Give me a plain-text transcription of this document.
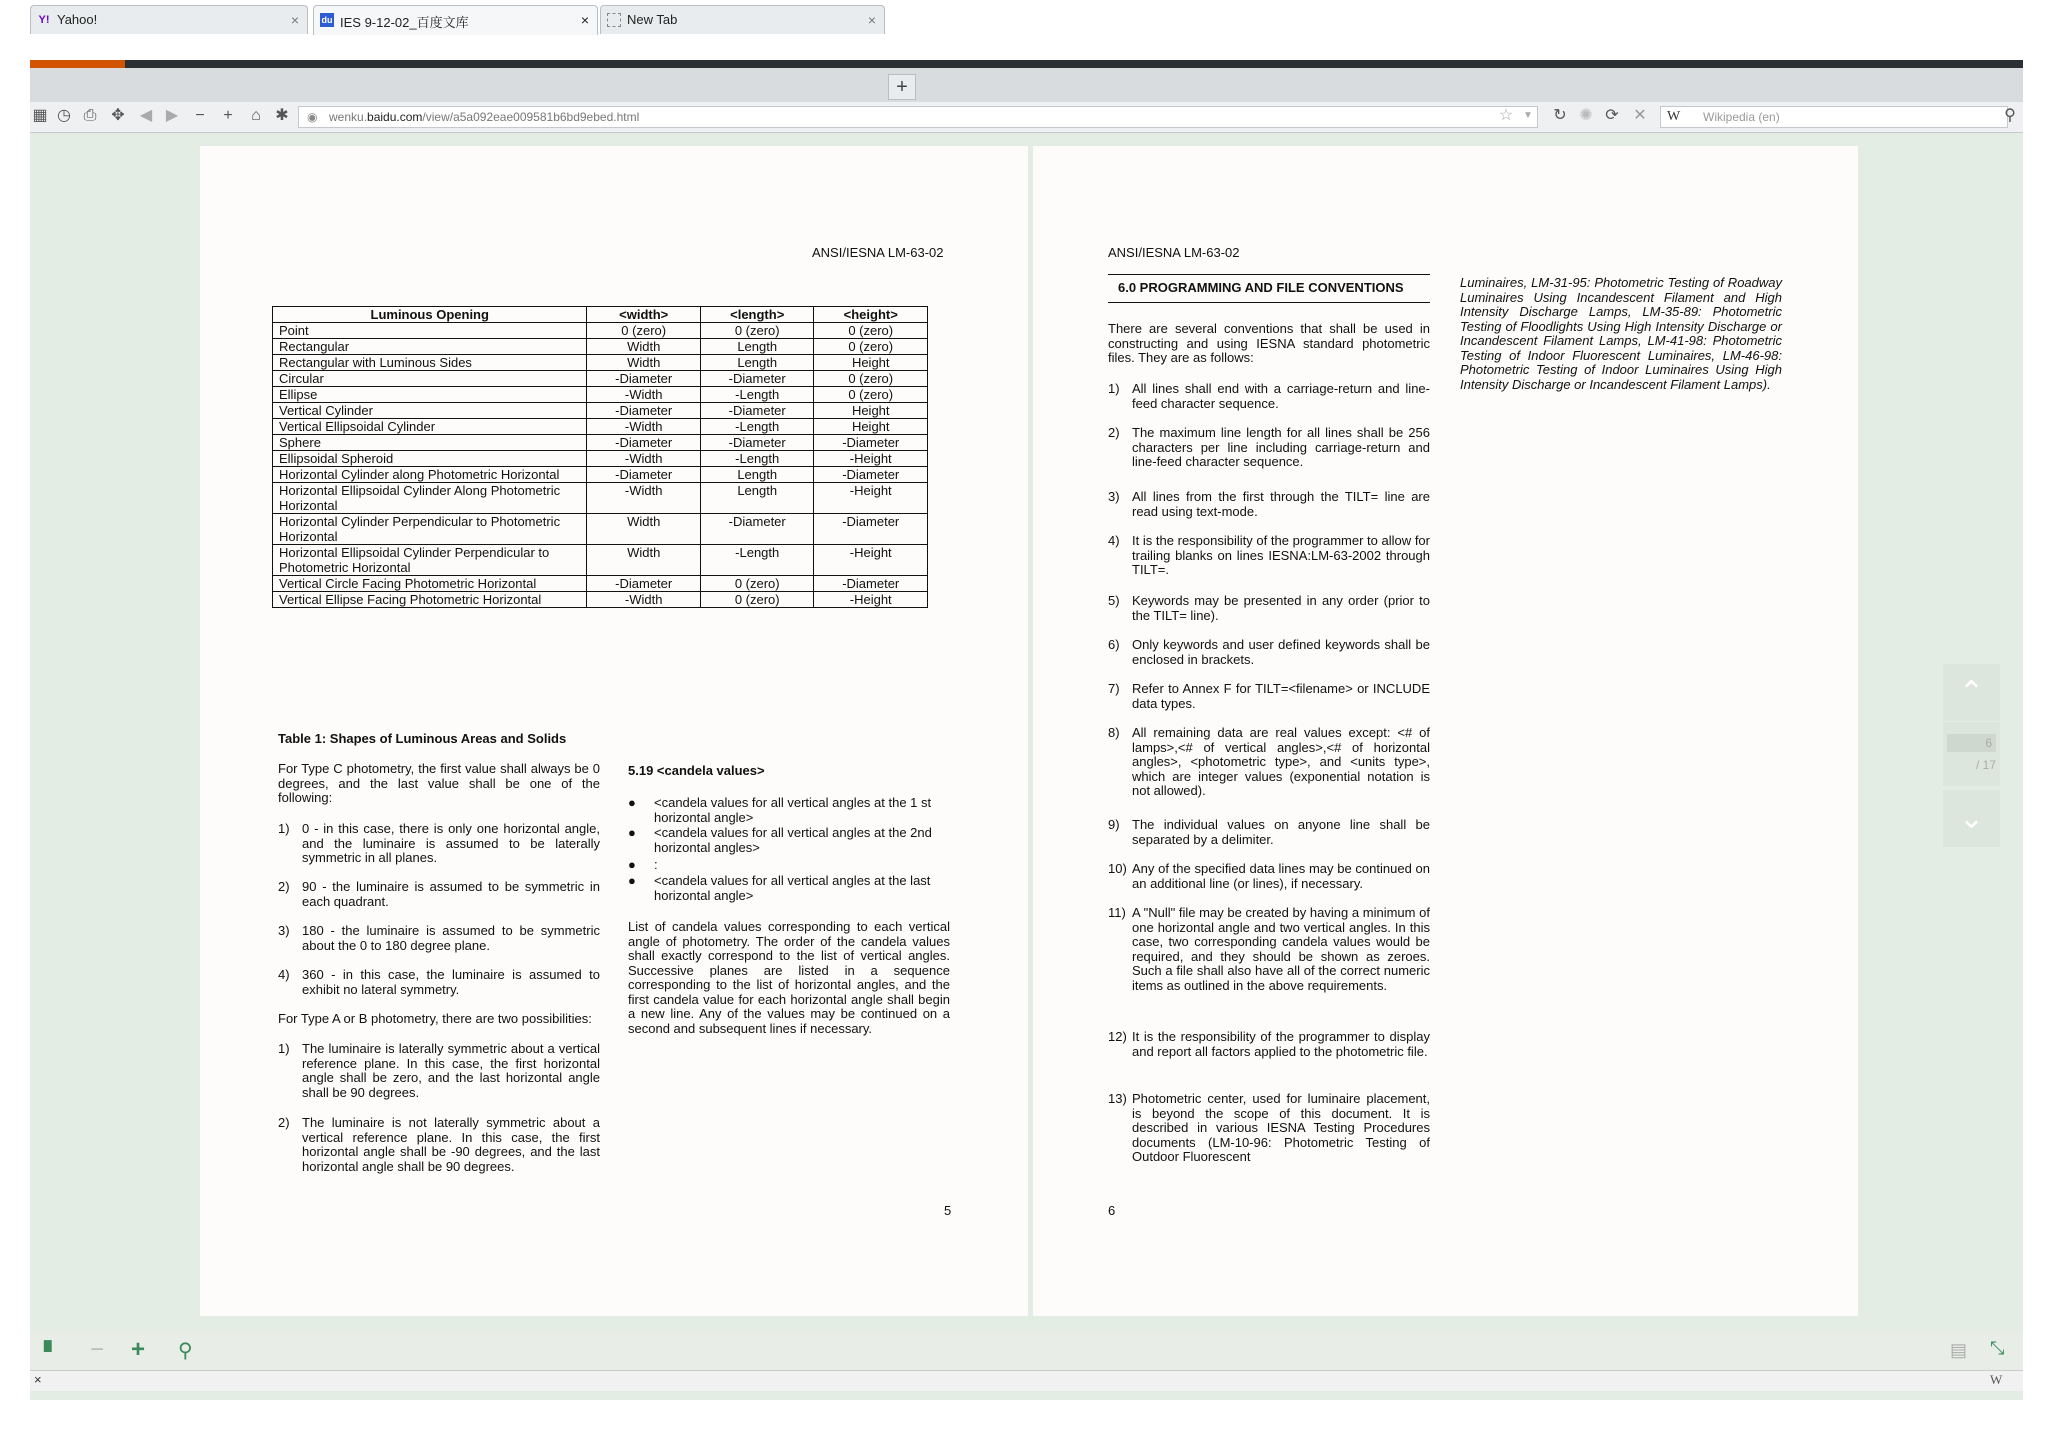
Y! Yahoo!	×	du IES 9-12-02_百度文库	×	New Tab	×
+
▦ ◷ ⎙ ✥ ◀ ▶	−	+	⌂ ✱ ◉ wenku.baidu.com/view/a5a092eae009581b6bd9ebed.html	☆ ▼	↻ ✺ ⟳ ✕ W Wikipedia (en)	⚲
ANSI/IESNA LM-63-02
Luminous Opening	<width>	<length>	<height>
Point	0 (zero)	0 (zero)	0 (zero)
Rectangular	Width	Length	0 (zero)
Rectangular with Luminous Sides	Width	Length	Height
Circular	-Diameter	-Diameter	0 (zero)
Ellipse	-Width	-Length	0 (zero)
Vertical Cylinder	-Diameter	-Diameter	Height
Vertical Ellipsoidal Cylinder	-Width	-Length	Height
Sphere	-Diameter	-Diameter	-Diameter
Ellipsoidal Spheroid	-Width	-Length	-Height
Horizontal Cylinder along Photometric Horizontal	-Diameter	Length	-Diameter
Horizontal Ellipsoidal Cylinder Along Photometric Horizontal	-Width	Length	-Height
Horizontal Cylinder Perpendicular to Photometric Horizontal	Width	-Diameter	-Diameter
Horizontal Ellipsoidal Cylinder Perpendicular to Photometric Horizontal	Width	-Length	-Height
Vertical Circle Facing Photometric Horizontal	-Diameter	0 (zero)	-Diameter
Vertical Ellipse Facing Photometric Horizontal	-Width	0 (zero)	-Height
Table 1: Shapes of Luminous Areas and Solids
For Type C photometry, the first value shall always be 0 degrees, and the last value shall be one of the following:
1) 0 - in this case, there is only one horizontal angle, and the luminaire is assumed to be laterally symmetric in all planes.
2) 90 - the luminaire is assumed to be symmetric in each quadrant.
3) 180 - the luminaire is assumed to be symmetric about the 0 to 180 degree plane.
4) 360 - in this case, the luminaire is assumed to exhibit no lateral symmetry.
For Type A or B photometry, there are two possibilities:
1) The luminaire is laterally symmetric about a vertical reference plane. In this case, the first horizontal angle shall be zero, and the last horizontal angle shall be 90 degrees.
2) The luminaire is not laterally symmetric about a vertical reference plane. In this case, the first horizontal angle shall be -90 degrees, and the last horizontal angle shall be 90 degrees.
5.19 <candela values>
● <candela values for all vertical angles at the 1 st horizontal angle>
● <candela values for all vertical angles at the 2nd horizontal angles>
● :
● <candela values for all vertical angles at the last horizontal angle>
List of candela values corresponding to each vertical angle of photometry. The order of the candela values shall exactly correspond to the list of vertical angles. Successive planes are listed in a sequence corresponding to the list of horizontal angles, and the first candela value for each horizontal angle shall begin a new line. Any of the values may be continued on a second and subsequent lines if necessary.
5
ANSI/IESNA LM-63-02
6.0 PROGRAMMING AND FILE CONVENTIONS
There are several conventions that shall be used in constructing and using IESNA standard photometric files. They are as follows:
1) All lines shall end with a carriage-return and line-feed character sequence.
2) The maximum line length for all lines shall be 256 characters per line including carriage-return and line-feed character sequence.
3) All lines from the first through the TILT= line are read using text-mode.
4) It is the responsibility of the programmer to allow for trailing blanks on lines IESNA:LM-63-2002 through TILT=.
5) Keywords may be presented in any order (prior to the TILT= line).
6) Only keywords and user defined keywords shall be enclosed in brackets.
7) Refer to Annex F for TILT=<filename> or INCLUDE data types.
8) All remaining data are real values except: <# of lamps>,<# of vertical angles>,<# of horizontal angles>, <photometric type>, and <units type>, which are integer values (exponential notation is not allowed).
9) The individual values on anyone line shall be separated by a delimiter.
10) Any of the specified data lines may be continued on an additional line (or lines), if necessary.
11) A "Null" file may be created by having a minimum of one horizontal angle and two vertical angles. In this case, two corresponding candela values would be required, and they should be shown as zeroes. Such a file shall also have all of the correct numeric items as outlined in the above requirements.
12) It is the responsibility of the programmer to display and report all factors applied to the photometric file.
13) Photometric center, used for luminaire placement, is beyond the scope of this document. It is described in various IESNA Testing Procedures documents (LM-10-96: Photometric Testing of Outdoor Fluorescent
Luminaires, LM-31-95: Photometric Testing of Roadway Luminaires Using Incandescent Filament and High Intensity Discharge Lamps, LM-35-89: Photometric Testing of Floodlights Using High Intensity Discharge or Incandescent Filament Lamps, LM-41-98: Photometric Testing of Indoor Fluorescent Luminaires, LM-46-98: Photometric Testing of Indoor Luminaires Using High Intensity Discharge or Incandescent Filament Lamps).
6
⌃
6
/ 17
⌄
▘ − + ⚲	▤ ⤡
×	W
